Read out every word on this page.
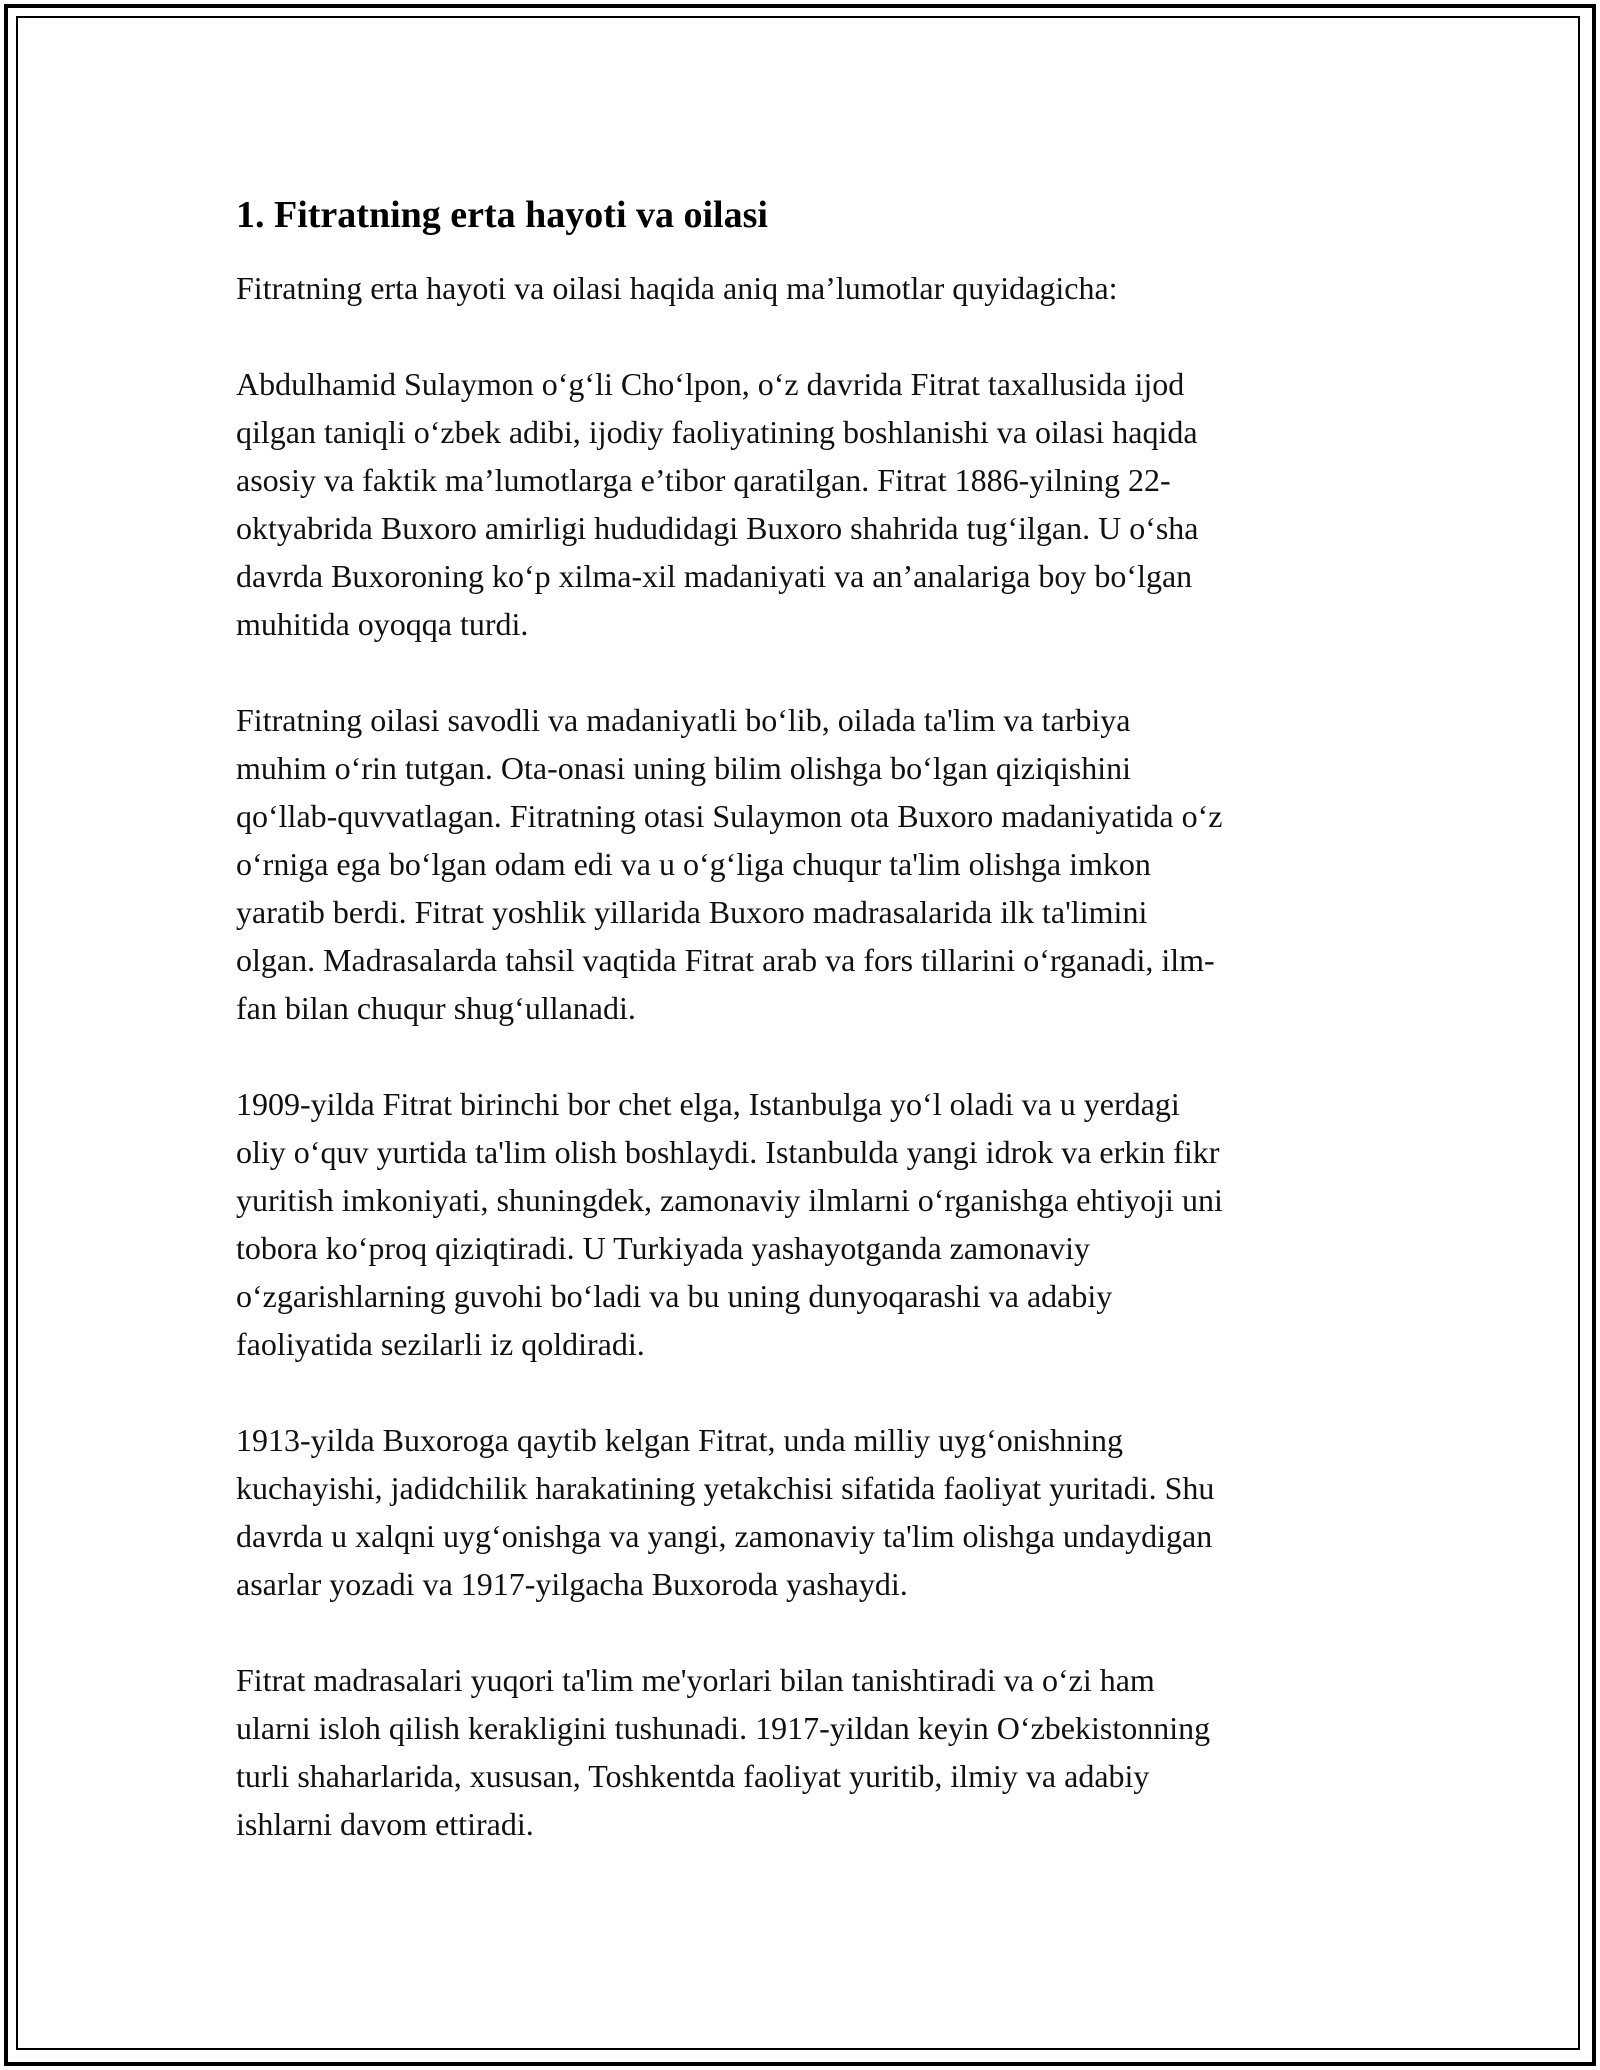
1. Fitratning erta hayoti va oilasi
Fitratning erta hayoti va oilasi haqida aniq ma’lumotlar quyidagicha:
Abdulhamid Sulaymon o‘g‘li Cho‘lpon, o‘z davrida Fitrat taxallusida ijod
qilgan taniqli o‘zbek adibi, ijodiy faoliyatining boshlanishi va oilasi haqida
asosiy va faktik ma’lumotlarga e’tibor qaratilgan. Fitrat 1886-yilning 22-
oktyabrida Buxoro amirligi hududidagi Buxoro shahrida tug‘ilgan. U o‘sha
davrda Buxoroning ko‘p xilma-xil madaniyati va an’analariga boy bo‘lgan
muhitida oyoqqa turdi.
Fitratning oilasi savodli va madaniyatli bo‘lib, oilada ta'lim va tarbiya
muhim o‘rin tutgan. Ota-onasi uning bilim olishga bo‘lgan qiziqishini
qo‘llab-quvvatlagan. Fitratning otasi Sulaymon ota Buxoro madaniyatida o‘z
o‘rniga ega bo‘lgan odam edi va u o‘g‘liga chuqur ta'lim olishga imkon
yaratib berdi. Fitrat yoshlik yillarida Buxoro madrasalarida ilk ta'limini
olgan. Madrasalarda tahsil vaqtida Fitrat arab va fors tillarini o‘rganadi, ilm-
fan bilan chuqur shug‘ullanadi.
1909-yilda Fitrat birinchi bor chet elga, Istanbulga yo‘l oladi va u yerdagi
oliy o‘quv yurtida ta'lim olish boshlaydi. Istanbulda yangi idrok va erkin fikr
yuritish imkoniyati, shuningdek, zamonaviy ilmlarni o‘rganishga ehtiyoji uni
tobora ko‘proq qiziqtiradi. U Turkiyada yashayotganda zamonaviy
o‘zgarishlarning guvohi bo‘ladi va bu uning dunyoqarashi va adabiy
faoliyatida sezilarli iz qoldiradi.
1913-yilda Buxoroga qaytib kelgan Fitrat, unda milliy uyg‘onishning
kuchayishi, jadidchilik harakatining yetakchisi sifatida faoliyat yuritadi. Shu
davrda u xalqni uyg‘onishga va yangi, zamonaviy ta'lim olishga undaydigan
asarlar yozadi va 1917-yilgacha Buxoroda yashaydi.
Fitrat madrasalari yuqori ta'lim me'yorlari bilan tanishtiradi va o‘zi ham
ularni isloh qilish kerakligini tushunadi. 1917-yildan keyin O‘zbekistonning
turli shaharlarida, xususan, Toshkentda faoliyat yuritib, ilmiy va adabiy
ishlarni davom ettiradi.
